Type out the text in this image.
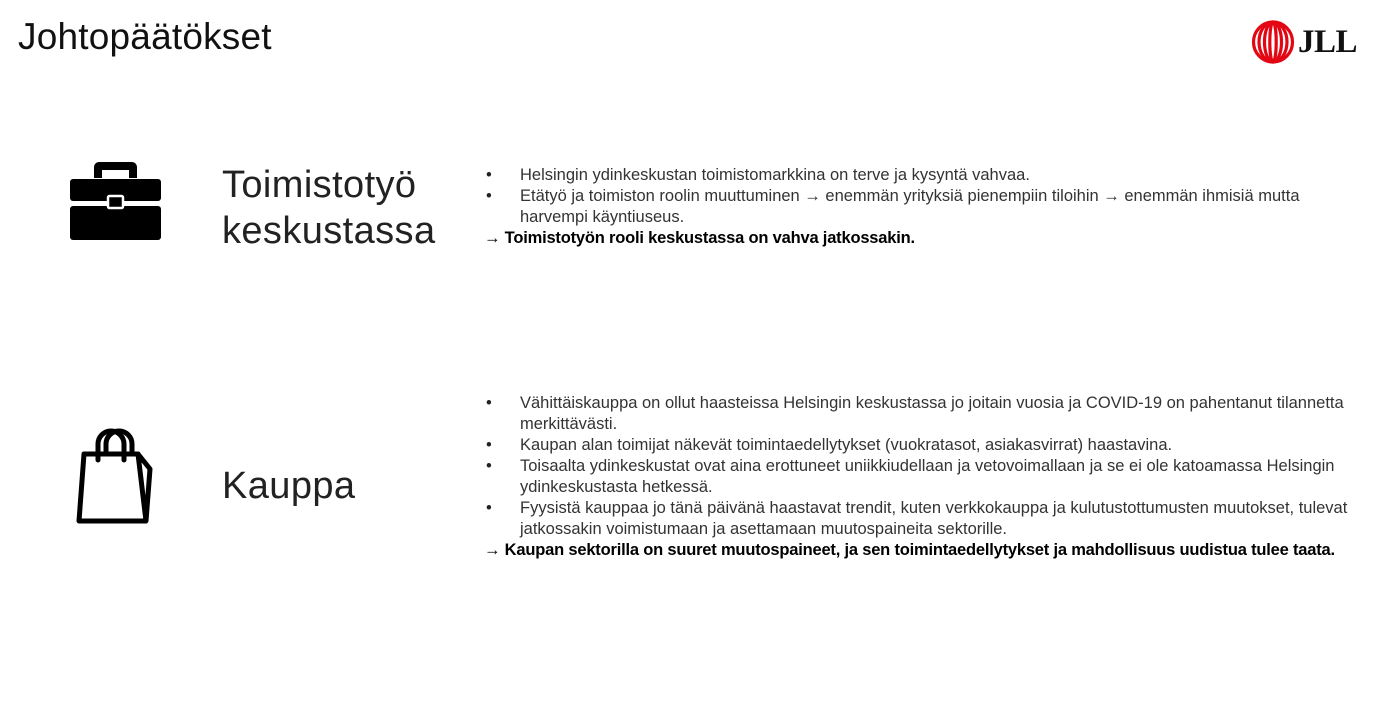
Johtopäätökset	JLL
Toimistotyö
keskustassa
• Helsingin ydinkeskustan toimistomarkkina on terve ja kysyntä vahvaa.
• Etätyö ja toimiston roolin muuttuminen → enemmän yrityksiä pienempiin tiloihin → enemmän ihmisiä mutta harvempi käyntiuseus.

→ Toimistotyön rooli keskustassa on vahva jatkossakin.

Kauppa
• Vähittäiskauppa on ollut haasteissa Helsingin keskustassa jo joitain vuosia ja COVID-19 on pahentanut tilannetta merkittävästi.
• Kaupan alan toimijat näkevät toimintaedellytykset (vuokratasot, asiakasvirrat) haastavina.
• Toisaalta ydinkeskustat ovat aina erottuneet uniikkiudellaan ja vetovoimallaan ja se ei ole katoamassa Helsingin ydinkeskustasta hetkessä.
• Fyysistä kauppaa jo tänä päivänä haastavat trendit, kuten verkkokauppa ja kulutustottumusten muutokset, tulevat jatkossakin voimistumaan ja asettamaan muutospaineita sektorille.

→ Kaupan sektorilla on suuret muutospaineet, ja sen toimintaedellytykset ja mahdollisuus uudistua tulee taata.
